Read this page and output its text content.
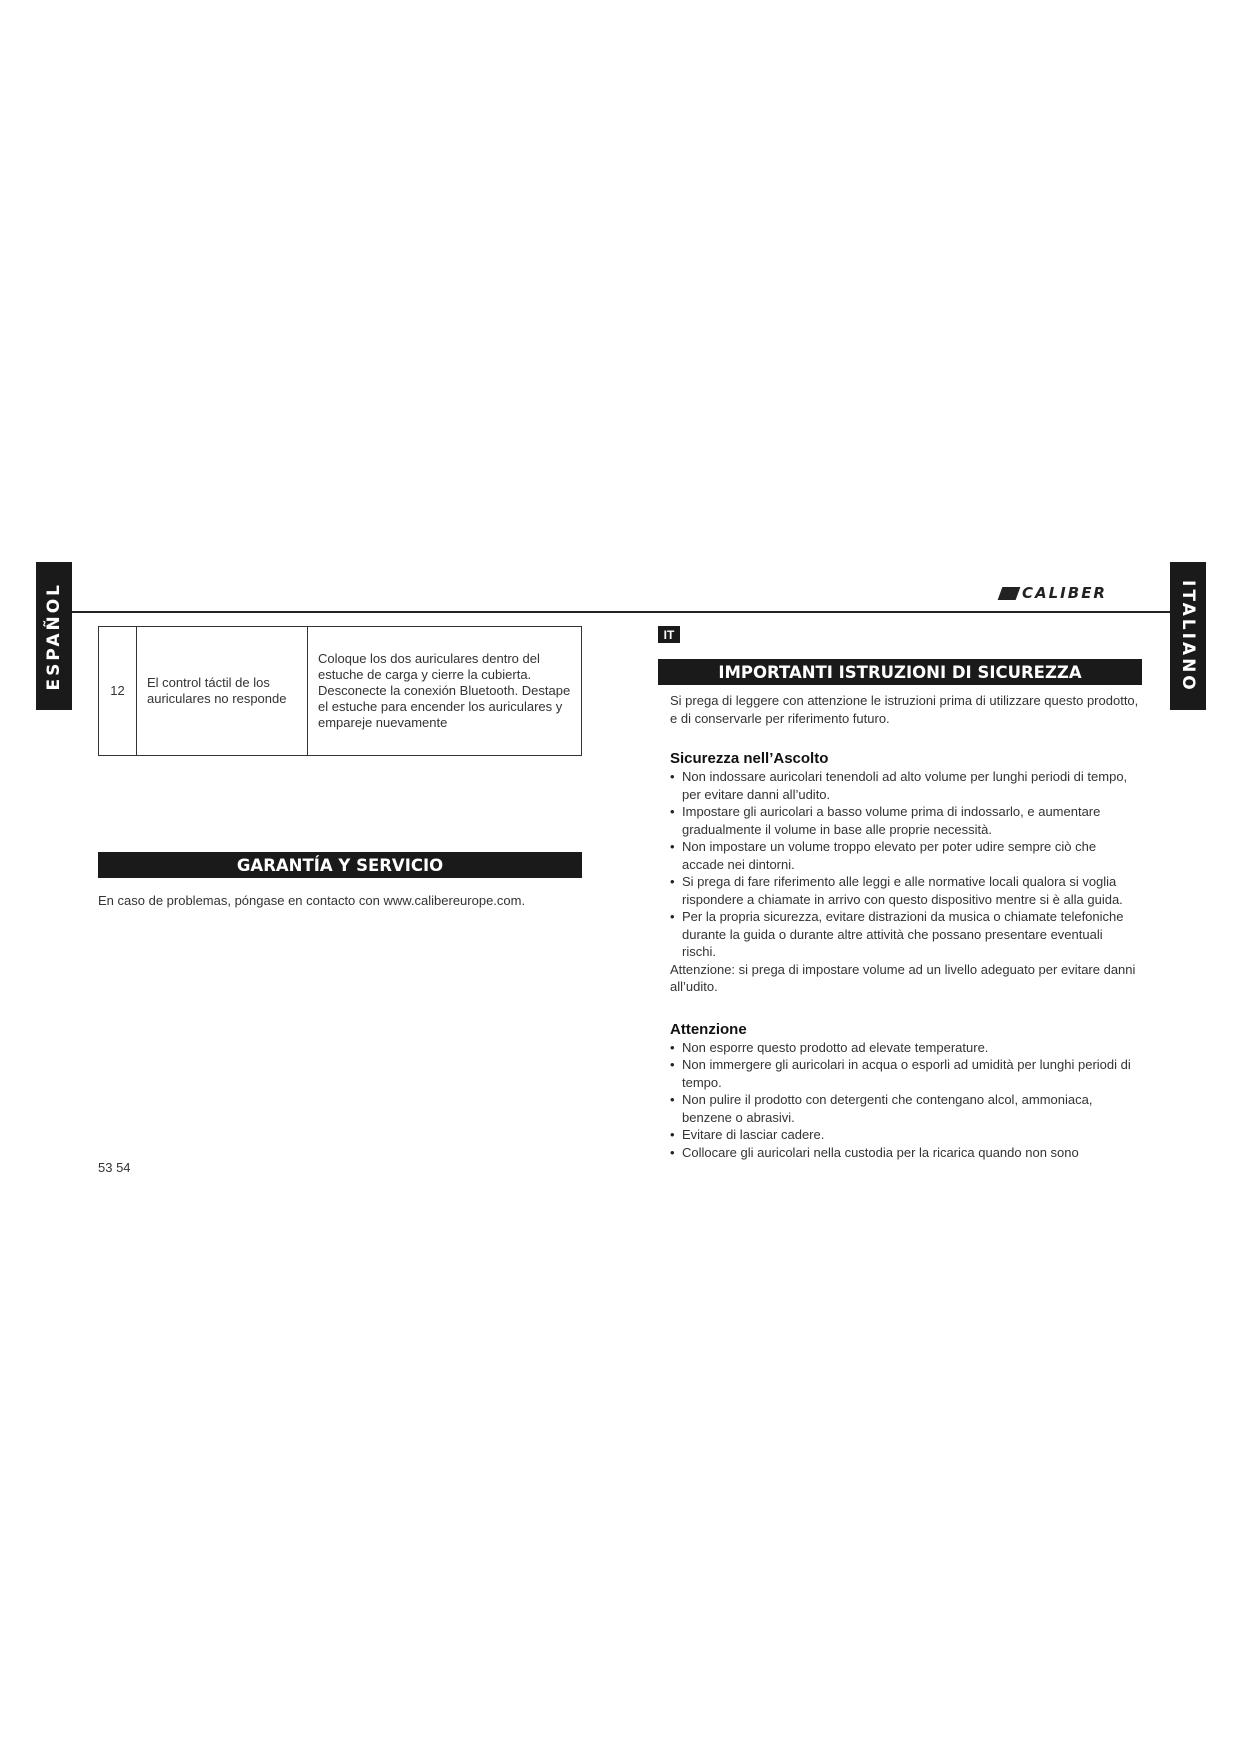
ESPAÑOL	ITALIANO
CALIBER
12	El control táctil de los auriculares no responde	Coloque los dos auriculares dentro del estuche de carga y cierre la cubierta. Desconecte la conexión Bluetooth. Destape el estuche para encender los auriculares y empareje nuevamente
GARANTÍA Y SERVICIO
En caso de problemas, póngase en contacto con www.calibereurope.com.
53 54
IT
IMPORTANTI ISTRUZIONI DI SICUREZZA

Si prega di leggere con attenzione le istruzioni prima di utilizzare questo prodotto, e di conservarle per riferimento futuro.

Sicurezza nell’Ascolto
• Non indossare auricolari tenendoli ad alto volume per lunghi periodi di tempo, per evitare danni all’udito.
• Impostare gli auricolari a basso volume prima di indossarlo, e aumentare gradualmente il volume in base alle proprie necessità.
• Non impostare un volume troppo elevato per poter udire sempre ciò che accade nei dintorni.
• Si prega di fare riferimento alle leggi e alle normative locali qualora si voglia rispondere a chiamate in arrivo con questo dispositivo mentre si è alla guida.
• Per la propria sicurezza, evitare distrazioni da musica o chiamate telefoniche durante la guida o durante altre attività che possano presentare eventuali rischi.

Attenzione: si prega di impostare volume ad un livello adeguato per evitare danni all’udito.

Attenzione
• Non esporre questo prodotto ad elevate temperature.
• Non immergere gli auricolari in acqua o esporli ad umidità per lunghi periodi di tempo.
• Non pulire il prodotto con detergenti che contengano alcol, ammoniaca, benzene o abrasivi.
• Evitare di lasciar cadere.
• Collocare gli auricolari nella custodia per la ricarica quando non sono
